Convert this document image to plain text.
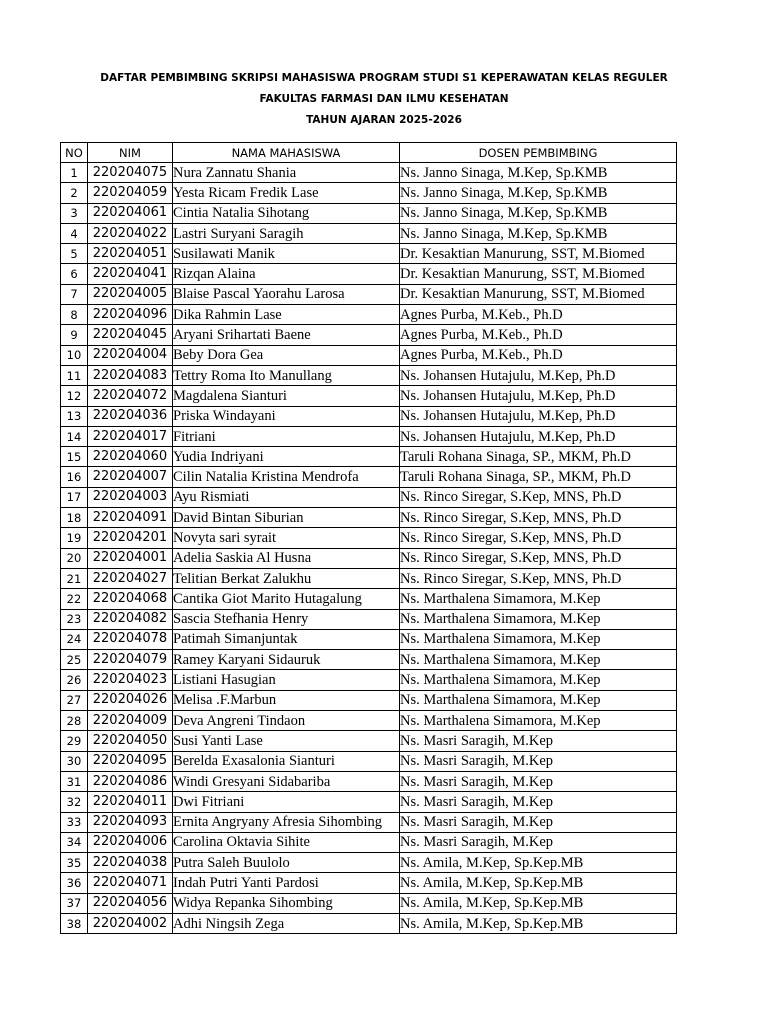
DAFTAR PEMBIMBING SKRIPSI MAHASISWA PROGRAM STUDI S1 KEPERAWATAN KELAS REGULER
FAKULTAS FARMASI DAN ILMU KESEHATAN
TAHUN AJARAN 2025-2026
NO	NIM	NAMA MAHASISWA	DOSEN PEMBIMBING
1	220204075	Nura Zannatu Shania	Ns. Janno Sinaga, M.Kep, Sp.KMB
2	220204059	Yesta Ricam Fredik Lase	Ns. Janno Sinaga, M.Kep, Sp.KMB
3	220204061	Cintia Natalia Sihotang	Ns. Janno Sinaga, M.Kep, Sp.KMB
4	220204022	Lastri Suryani Saragih	Ns. Janno Sinaga, M.Kep, Sp.KMB
5	220204051	Susilawati Manik	Dr. Kesaktian Manurung, SST, M.Biomed
6	220204041	Rizqan Alaina	Dr. Kesaktian Manurung, SST, M.Biomed
7	220204005	Blaise Pascal Yaorahu Larosa	Dr. Kesaktian Manurung, SST, M.Biomed
8	220204096	Dika Rahmin Lase	Agnes Purba, M.Keb., Ph.D
9	220204045	Aryani Srihartati Baene	Agnes Purba, M.Keb., Ph.D
10	220204004	Beby Dora Gea	Agnes Purba, M.Keb., Ph.D
11	220204083	Tettry Roma Ito Manullang	Ns. Johansen Hutajulu, M.Kep, Ph.D
12	220204072	Magdalena Sianturi	Ns. Johansen Hutajulu, M.Kep, Ph.D
13	220204036	Priska Windayani	Ns. Johansen Hutajulu, M.Kep, Ph.D
14	220204017	Fitriani	Ns. Johansen Hutajulu, M.Kep, Ph.D
15	220204060	Yudia Indriyani	Taruli Rohana Sinaga, SP., MKM, Ph.D
16	220204007	Cilin Natalia Kristina Mendrofa	Taruli Rohana Sinaga, SP., MKM, Ph.D
17	220204003	Ayu Rismiati	Ns. Rinco Siregar, S.Kep, MNS, Ph.D
18	220204091	David Bintan Siburian	Ns. Rinco Siregar, S.Kep, MNS, Ph.D
19	220204201	Novyta sari syrait	Ns. Rinco Siregar, S.Kep, MNS, Ph.D
20	220204001	Adelia Saskia Al Husna	Ns. Rinco Siregar, S.Kep, MNS, Ph.D
21	220204027	Telitian Berkat Zalukhu	Ns. Rinco Siregar, S.Kep, MNS, Ph.D
22	220204068	Cantika Giot Marito Hutagalung	Ns. Marthalena Simamora, M.Kep
23	220204082	Sascia Stefhania Henry	Ns. Marthalena Simamora, M.Kep
24	220204078	Patimah Simanjuntak	Ns. Marthalena Simamora, M.Kep
25	220204079	Ramey Karyani Sidauruk	Ns. Marthalena Simamora, M.Kep
26	220204023	Listiani Hasugian	Ns. Marthalena Simamora, M.Kep
27	220204026	Melisa .F.Marbun	Ns. Marthalena Simamora, M.Kep
28	220204009	Deva Angreni Tindaon	Ns. Marthalena Simamora, M.Kep
29	220204050	Susi Yanti Lase	Ns. Masri Saragih, M.Kep
30	220204095	Berelda Exasalonia Sianturi	Ns. Masri Saragih, M.Kep
31	220204086	Windi Gresyani Sidabariba	Ns. Masri Saragih, M.Kep
32	220204011	Dwi Fitriani	Ns. Masri Saragih, M.Kep
33	220204093	Ernita Angryany Afresia Sihombing	Ns. Masri Saragih, M.Kep
34	220204006	Carolina Oktavia Sihite	Ns. Masri Saragih, M.Kep
35	220204038	Putra Saleh Buulolo	Ns. Amila, M.Kep, Sp.Kep.MB
36	220204071	Indah Putri Yanti Pardosi	Ns. Amila, M.Kep, Sp.Kep.MB
37	220204056	Widya Repanka Sihombing	Ns. Amila, M.Kep, Sp.Kep.MB
38	220204002	Adhi Ningsih Zega	Ns. Amila, M.Kep, Sp.Kep.MB
